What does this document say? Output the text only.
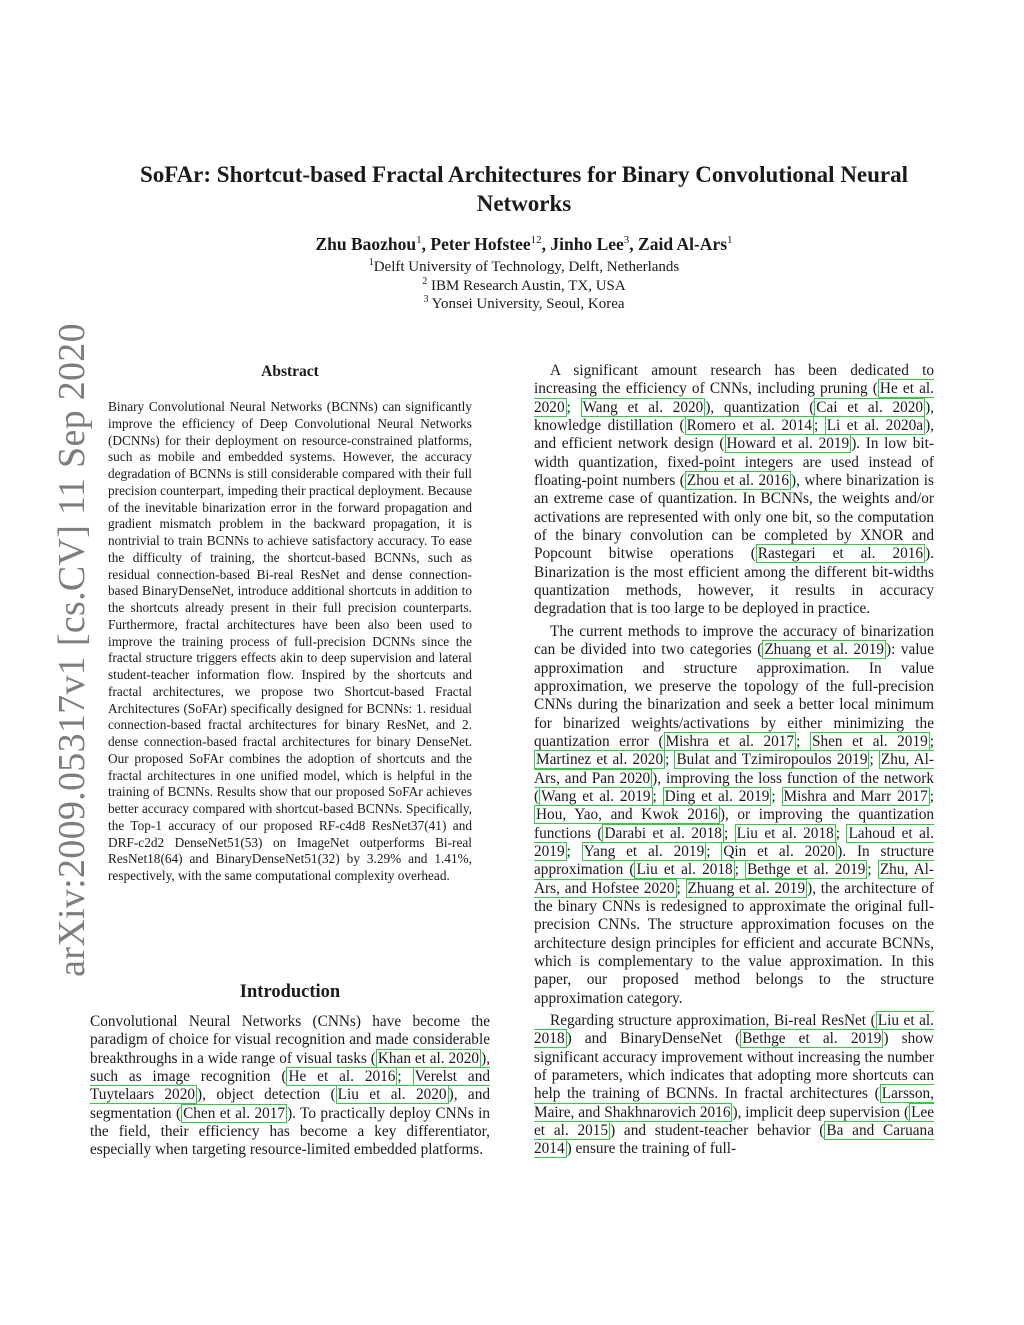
arXiv:2009.05317v1 [cs.CV] 11 Sep 2020
SoFAr: Shortcut-based Fractal Architectures for Binary Convolutional Neural Networks
Zhu Baozhou$^1$, Peter Hofstee$^{12}$, Jinho Lee$^3$, Zaid Al-Ars$^1$
$^1$Delft University of Technology, Delft, Netherlands
$^2$ IBM Research Austin, TX, USA
$^3$ Yonsei University, Seoul, Korea
Abstract
Binary Convolutional Neural Networks (BCNNs) can significantly improve the efficiency of Deep Convolutional Neural Networks (DCNNs) for their deployment on resource-constrained platforms, such as mobile and embedded systems. However, the accuracy degradation of BCNNs is still considerable compared with their full precision counterpart, impeding their practical deployment. Because of the inevitable binarization error in the forward propagation and gradient mismatch problem in the backward propagation, it is nontrivial to train BCNNs to achieve satisfactory accuracy. To ease the difficulty of training, the shortcut-based BCNNs, such as residual connection-based Bi-real ResNet and dense connection-based BinaryDenseNet, introduce additional shortcuts in addition to the shortcuts already present in their full precision counterparts. Furthermore, fractal architectures have been also been used to improve the training process of full-precision DCNNs since the fractal structure triggers effects akin to deep supervision and lateral student-teacher information flow. Inspired by the shortcuts and fractal architectures, we propose two Shortcut-based Fractal Architectures (SoFAr) specifically designed for BCNNs: 1. residual connection-based fractal architectures for binary ResNet, and 2. dense connection-based fractal architectures for binary DenseNet. Our proposed SoFAr combines the adoption of shortcuts and the fractal architectures in one unified model, which is helpful in the training of BCNNs. Results show that our proposed SoFAr achieves better accuracy compared with shortcut-based BCNNs. Specifically, the Top-1 accuracy of our proposed RF-c4d8 ResNet37(41) and DRF-c2d2 DenseNet51(53) on ImageNet outperforms Bi-real ResNet18(64) and BinaryDenseNet51(32) by 3.29% and 1.41%, respectively, with the same computational complexity overhead.
Introduction

Convolutional Neural Networks (CNNs) have become the paradigm of choice for visual recognition and made considerable breakthroughs in a wide range of visual tasks ( Khan et al. 2020 ), such as image recognition ( He et al. 2016 ; Verelst and Tuytelaars 2020 ), object detection ( Liu et al. 2020 ), and segmentation ( Chen et al. 2017 ). To practically deploy CNNs in the field, their efficiency has become a key differentiator, especially when targeting resource-limited embedded platforms.

A significant amount research has been dedicated to increasing the efficiency of CNNs, including pruning ( He et al. 2020 ; Wang et al. 2020 ), quantization ( Cai et al. 2020 ), knowledge distillation ( Romero et al. 2014 ; Li et al. 2020a ), and efficient network design ( Howard et al. 2019 ). In low bit-width quantization, fixed-point integers are used instead of floating-point numbers ( Zhou et al. 2016 ), where binarization is an extreme case of quantization. In BCNNs, the weights and/or activations are represented with only one bit, so the computation of the binary convolution can be completed by XNOR and Popcount bitwise operations ( Rastegari et al. 2016 ). Binarization is the most efficient among the different bit-widths quantization methods, however, it results in accuracy degradation that is too large to be deployed in practice.

The current methods to improve the accuracy of binarization can be divided into two categories ( Zhuang et al. 2019 ): value approximation and structure approximation. In value approximation, we preserve the topology of the full-precision CNNs during the binarization and seek a better local minimum for binarized weights/activations by either minimizing the quantization error ( Mishra et al. 2017 ; Shen et al. 2019 ; Martinez et al. 2020 ; Bulat and Tzimiropoulos 2019 ; Zhu, Al-Ars, and Pan 2020 ), improving the loss function of the network ( Wang et al. 2019 ; Ding et al. 2019 ; Mishra and Marr 2017 ; Hou, Yao, and Kwok 2016 ), or improving the quantization functions ( Darabi et al. 2018 ; Liu et al. 2018 ; Lahoud et al. 2019 ; Yang et al. 2019 ; Qin et al. 2020 ). In structure approximation ( Liu et al. 2018 ; Bethge et al. 2019 ; Zhu, Al-Ars, and Hofstee 2020 ; Zhuang et al. 2019 ), the architecture of the binary CNNs is redesigned to approximate the original full-precision CNNs. The structure approximation focuses on the architecture design principles for efficient and accurate BCNNs, which is complementary to the value approximation. In this paper, our proposed method belongs to the structure approximation category.

Regarding structure approximation, Bi-real ResNet ( Liu et al. 2018 ) and BinaryDenseNet ( Bethge et al. 2019 ) show significant accuracy improvement without increasing the number of parameters, which indicates that adopting more shortcuts can help the training of BCNNs. In fractal architectures ( Larsson, Maire, and Shakhnarovich 2016 ), implicit deep supervision ( Lee et al. 2015 ) and student-teacher behavior ( Ba and Caruana 2014 ) ensure the training of full-
